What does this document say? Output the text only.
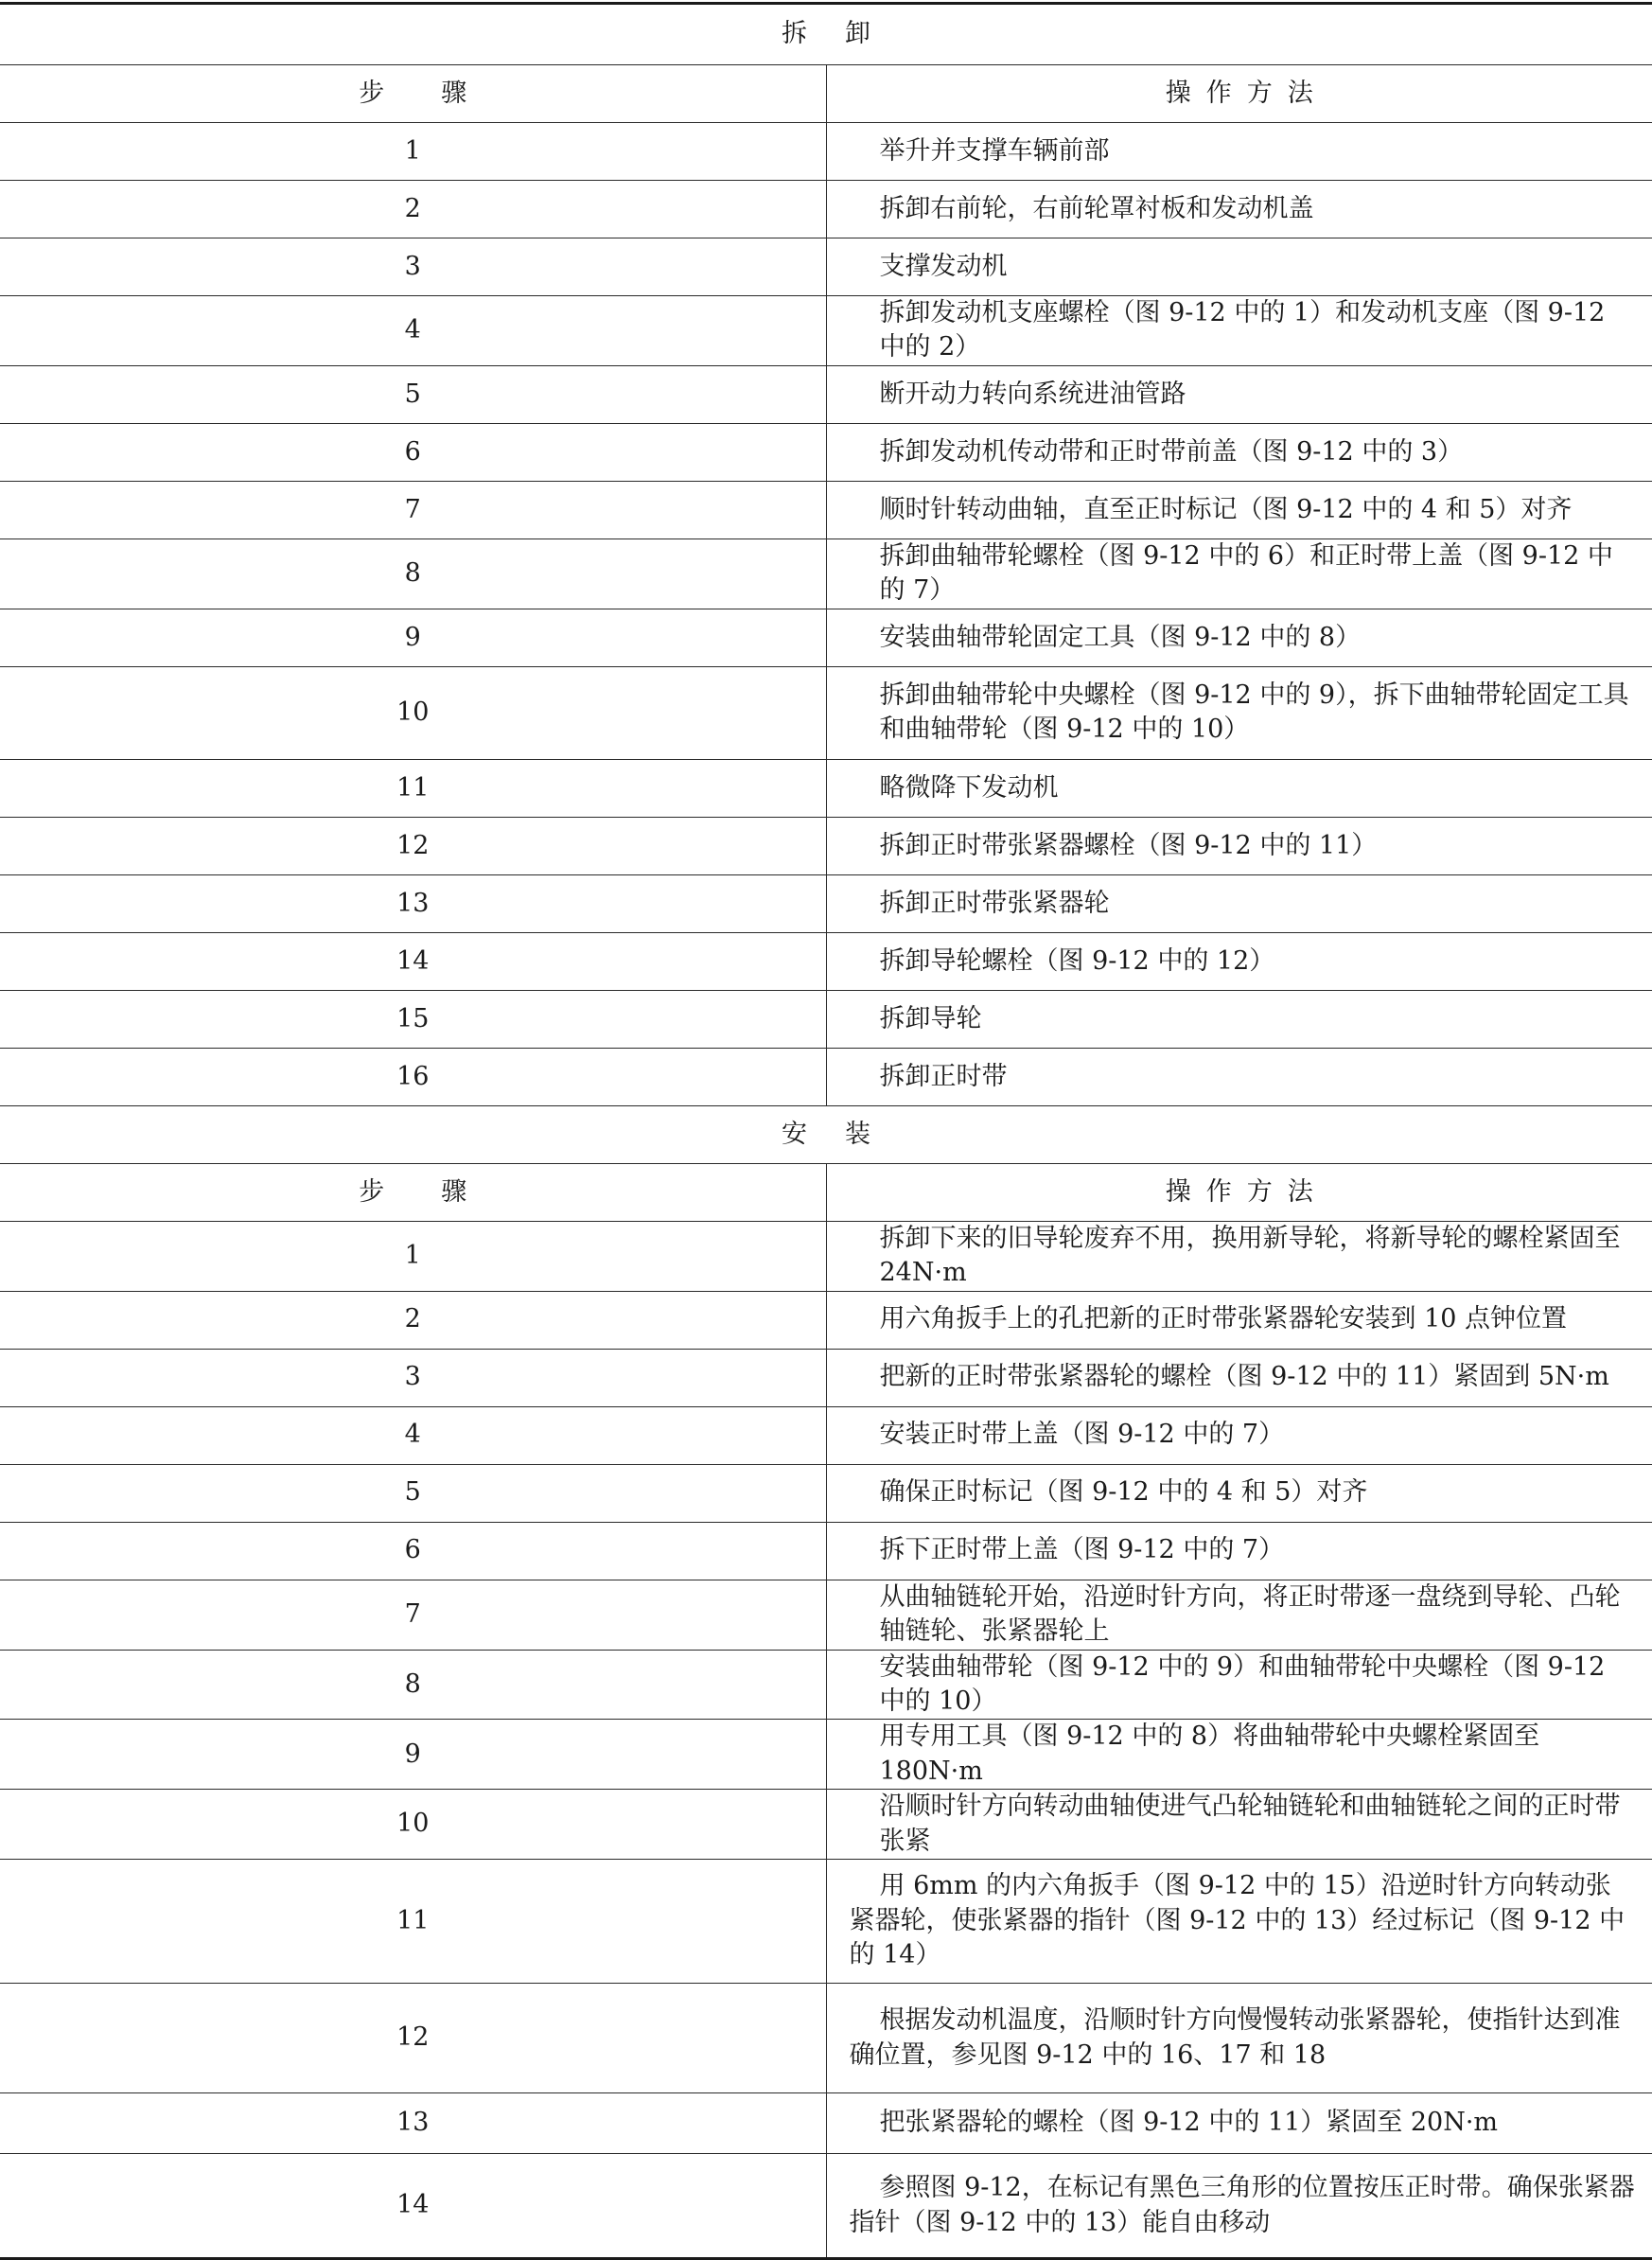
拆卸	
步骤	操作方法
1	举升并支撑车辆前部
2	拆卸右前轮，右前轮罩衬板和发动机盖
3	支撑发动机
4	拆卸发动机支座螺栓（图 9-12 中的 1）和发动机支座（图 9-12 中的 2）
5	断开动力转向系统进油管路
6	拆卸发动机传动带和正时带前盖（图 9-12 中的 3）
7	顺时针转动曲轴，直至正时标记（图 9-12 中的 4 和 5）对齐
8	拆卸曲轴带轮螺栓（图 9-12 中的 6）和正时带上盖（图 9-12 中的 7）
9	安装曲轴带轮固定工具（图 9-12 中的 8）
10	拆卸曲轴带轮中央螺栓（图 9-12 中的 9），拆下曲轴带轮固定工具和曲轴带轮（图 9-12 中的 10）
11	略微降下发动机
12	拆卸正时带张紧器螺栓（图 9-12 中的 11）
13	拆卸正时带张紧器轮
14	拆卸导轮螺栓（图 9-12 中的 12）
15	拆卸导轮
16	拆卸正时带
安装	
步骤	操作方法
1	拆卸下来的旧导轮废弃不用，换用新导轮，将新导轮的螺栓紧固至 24N·m
2	用六角扳手上的孔把新的正时带张紧器轮安装到 10 点钟位置
3	把新的正时带张紧器轮的螺栓（图 9-12 中的 11）紧固到 5N·m
4	安装正时带上盖（图 9-12 中的 7）
5	确保正时标记（图 9-12 中的 4 和 5）对齐
6	拆下正时带上盖（图 9-12 中的 7）
7	从曲轴链轮开始，沿逆时针方向，将正时带逐一盘绕到导轮、凸轮轴链轮、张紧器轮上
8	安装曲轴带轮（图 9-12 中的 9）和曲轴带轮中央螺栓（图 9-12 中的 10）
9	用专用工具（图 9-12 中的 8）将曲轴带轮中央螺栓紧固至 180N·m
10	沿顺时针方向转动曲轴使进气凸轮轴链轮和曲轴链轮之间的正时带张紧
11	用 6mm 的内六角扳手（图 9-12 中的 15）沿逆时针方向转动张紧器轮，使张紧器的指针（图 9-12 中的 13）经过标记（图 9-12 中的 14）
12	根据发动机温度，沿顺时针方向慢慢转动张紧器轮，使指针达到准确位置，参见图 9-12 中的 16、17 和 18
13	把张紧器轮的螺栓（图 9-12 中的 11）紧固至 20N·m
14	参照图 9-12，在标记有黑色三角形的位置按压正时带。确保张紧器指针（图 9-12 中的 13）能自由移动
